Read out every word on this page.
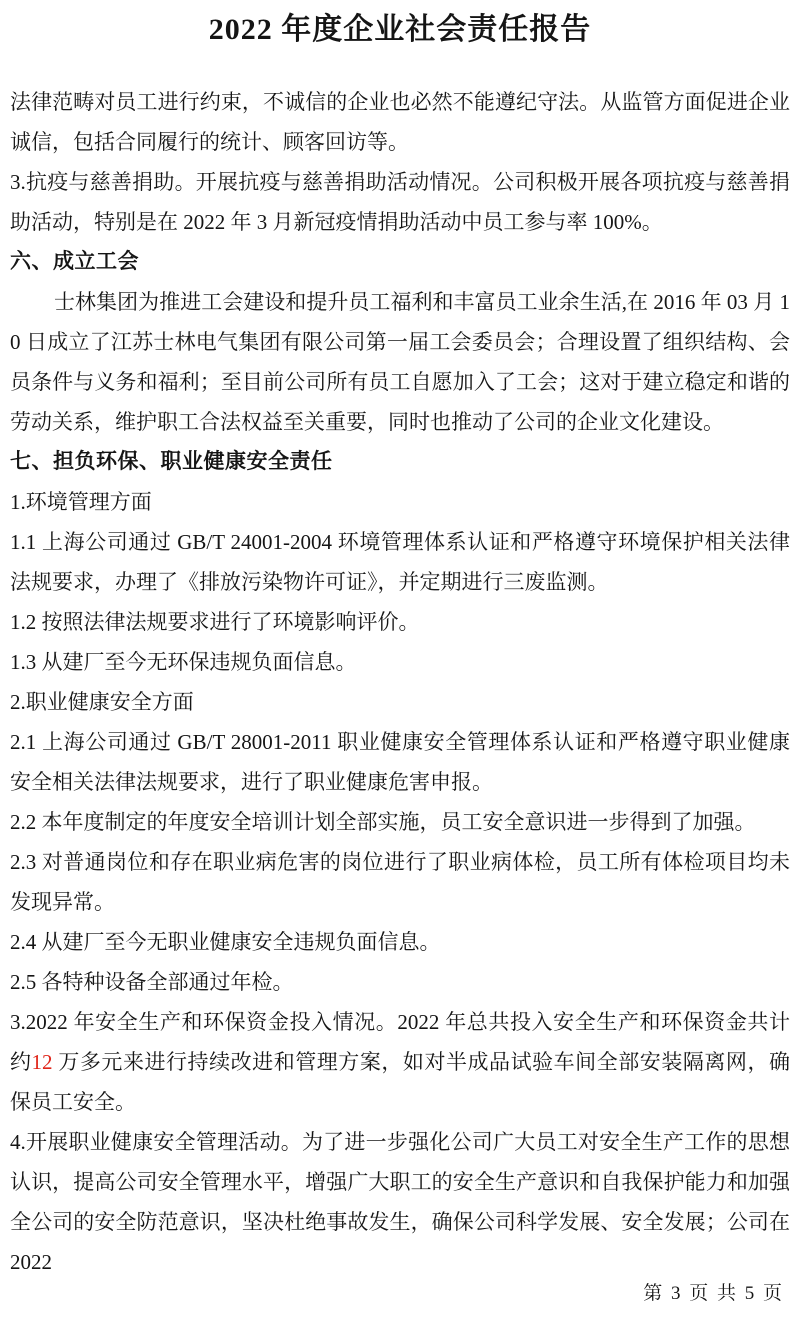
2022 年度企业社会责任报告

法律范畴对员工进行约束，不诚信的企业也必然不能遵纪守法。从监管方面促进企业诚信，包括合同履行的统计、顾客回访等。

3.抗疫与慈善捐助。开展抗疫与慈善捐助活动情况。公司积极开展各项抗疫与慈善捐助活动，特别是在 2022 年 3 月新冠疫情捐助活动中员工参与率 100%。

六、成立工会

士林集团为推进工会建设和提升员工福利和丰富员工业余生活,在 2016 年 03 月 10 日成立了江苏士林电气集团有限公司第一届工会委员会；合理设置了组织结构、会员条件与义务和福利；至目前公司所有员工自愿加入了工会；这对于建立稳定和谐的劳动关系，维护职工合法权益至关重要，同时也推动了公司的企业文化建设。

七、担负环保、职业健康安全责任

1.环境管理方面

1.1 上海公司通过 GB/T 24001-2004 环境管理体系认证和严格遵守环境保护相关法律法规要求，办理了《排放污染物许可证》，并定期进行三废监测。

1.2 按照法律法规要求进行了环境影响评价。

1.3 从建厂至今无环保违规负面信息。

2.职业健康安全方面

2.1 上海公司通过 GB/T 28001-2011 职业健康安全管理体系认证和严格遵守职业健康安全相关法律法规要求，进行了职业健康危害申报。

2.2 本年度制定的年度安全培训计划全部实施，员工安全意识进一步得到了加强。

2.3 对普通岗位和存在职业病危害的岗位进行了职业病体检，员工所有体检项目均未发现异常。

2.4 从建厂至今无职业健康安全违规负面信息。

2.5 各特种设备全部通过年检。

3.2022 年安全生产和环保资金投入情况。2022 年总共投入安全生产和环保资金共计约12 万多元来进行持续改进和管理方案，如对半成品试验车间全部安装隔离网，确保员工安全。

4.开展职业健康安全管理活动。为了进一步强化公司广大员工对安全生产工作的思想认识，提高公司安全管理水平，增强广大职工的安全生产意识和自我保护能力和加强全公司的安全防范意识，坚决杜绝事故发生，确保公司科学发展、安全发展；公司在 2022

第 3 页 共 5 页
